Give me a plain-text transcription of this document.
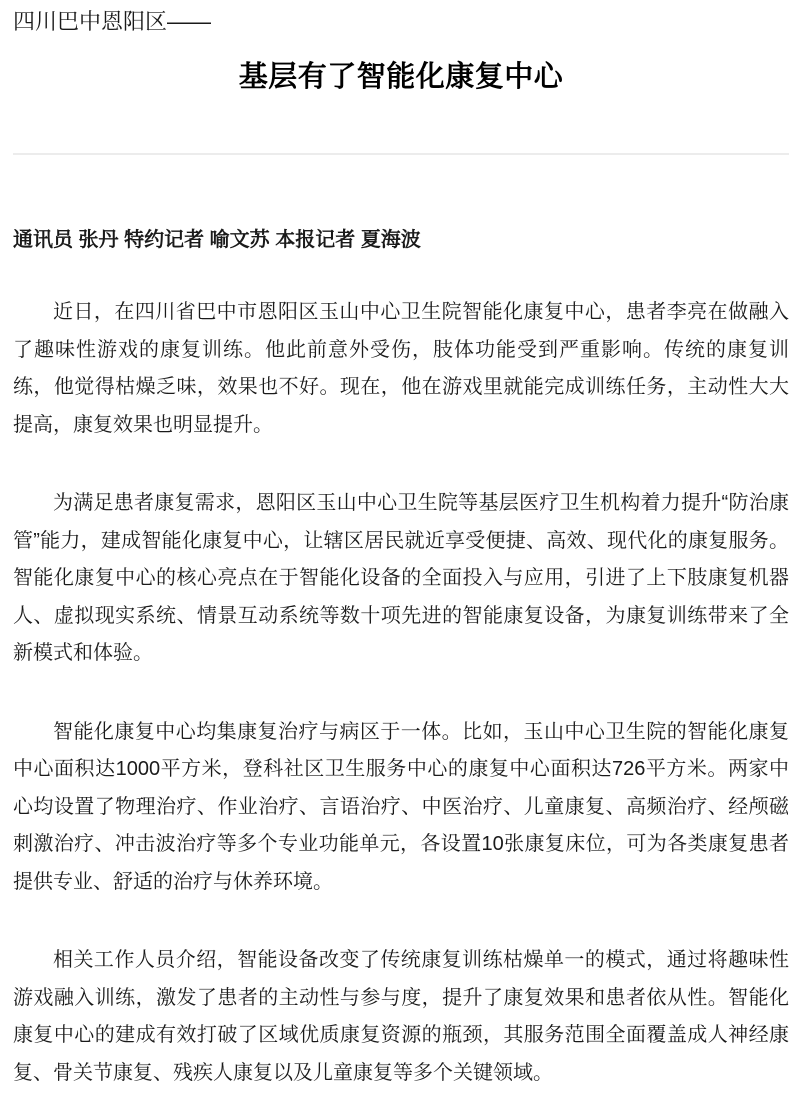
四川巴中恩阳区——
基层有了智能化康复中心
通讯员 张丹 特约记者 喻文苏 本报记者 夏海波

近日，在四川省巴中市恩阳区玉山中心卫生院智能化康复中心，患者李亮在做融入了趣味性游戏的康复训练。他此前意外受伤，肢体功能受到严重影响。传统的康复训练，他觉得枯燥乏味，效果也不好。现在，他在游戏里就能完成训练任务，主动性大大提高，康复效果也明显提升。

为满足患者康复需求，恩阳区玉山中心卫生院等基层医疗卫生机构着力提升“防治康管”能力，建成智能化康复中心，让辖区居民就近享受便捷、高效、现代化的康复服务。智能化康复中心的核心亮点在于智能化设备的全面投入与应用，引进了上下肢康复机器人、虚拟现实系统、情景互动系统等数十项先进的智能康复设备，为康复训练带来了全新模式和体验。

智能化康复中心均集康复治疗与病区于一体。比如，玉山中心卫生院的智能化康复中心面积达1000平方米，登科社区卫生服务中心的康复中心面积达726平方米。两家中心均设置了物理治疗、作业治疗、言语治疗、中医治疗、儿童康复、高频治疗、经颅磁刺激治疗、冲击波治疗等多个专业功能单元，各设置10张康复床位，可为各类康复患者提供专业、舒适的治疗与休养环境。

相关工作人员介绍，智能设备改变了传统康复训练枯燥单一的模式，通过将趣味性游戏融入训练，激发了患者的主动性与参与度，提升了康复效果和患者依从性。智能化康复中心的建成有效打破了区域优质康复资源的瓶颈，其服务范围全面覆盖成人神经康复、骨关节康复、残疾人康复以及儿童康复等多个关键领域。
